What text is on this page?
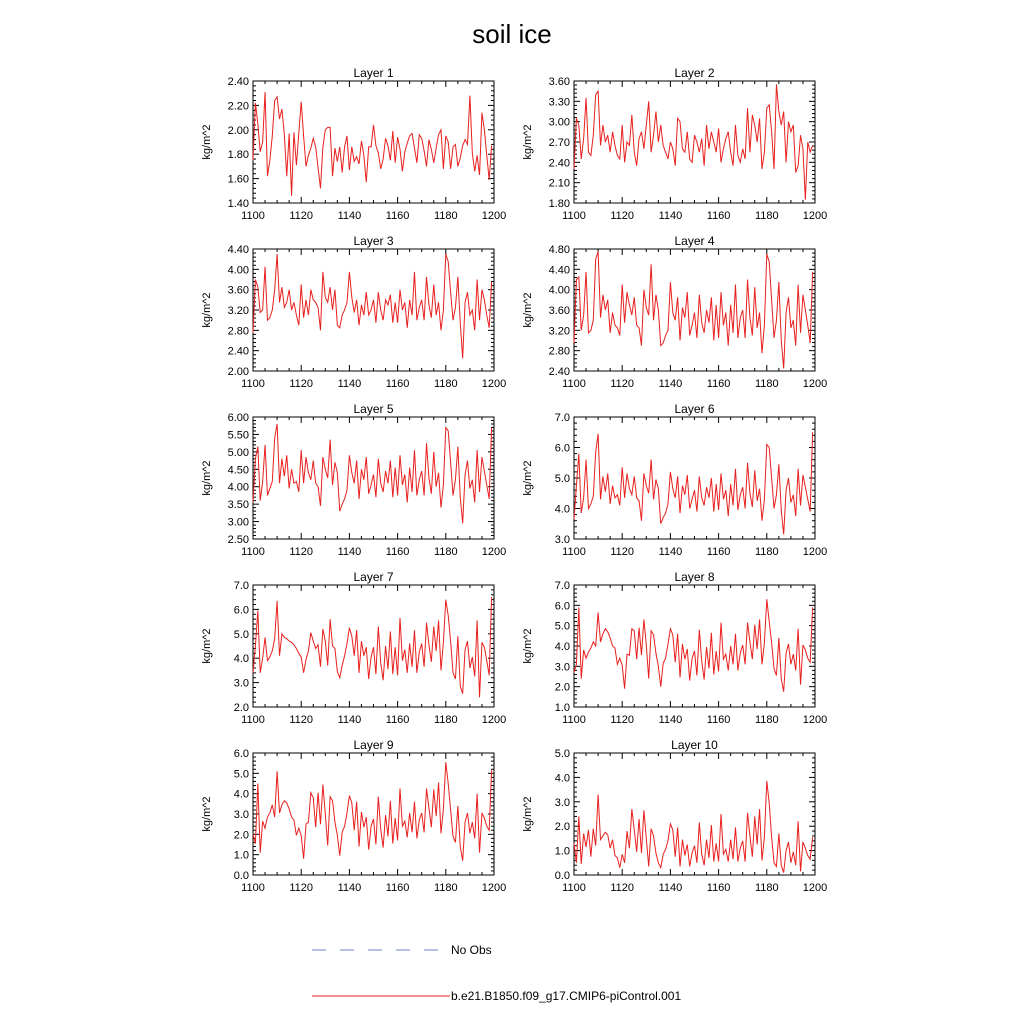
soil ice
Layer 1
1100 1120 1140 1160 1180 1200
1.40
1.60
1.80
2.00
2.20
2.40
kg/m^2
Layer 2
1100 1120 1140 1160 1180 1200
1.80
2.10
2.40
2.70
3.00
3.30
3.60
kg/m^2
Layer 3
1100 1120 1140 1160 1180 1200
2.00
2.40
2.80
3.20
3.60
4.00
4.40
kg/m^2
Layer 4
1100 1120 1140 1160 1180 1200
2.40
2.80
3.20
3.60
4.00
4.40
4.80
kg/m^2
Layer 5
1100 1120 1140 1160 1180 1200
2.50
3.00
3.50
4.00
4.50
5.00
5.50
6.00
kg/m^2
Layer 6
1100 1120 1140 1160 1180 1200
3.0
4.0
5.0
6.0
7.0
kg/m^2
Layer 7
1100 1120 1140 1160 1180 1200
2.0
3.0
4.0
5.0
6.0
7.0
kg/m^2
Layer 8
1100 1120 1140 1160 1180 1200
1.0
2.0
3.0
4.0
5.0
6.0
7.0
kg/m^2
Layer 9
1100 1120 1140 1160 1180 1200
0.0
1.0
2.0
3.0
4.0
5.0
6.0
kg/m^2
Layer 10
1100 1120 1140 1160 1180 1200
0.0
1.0
2.0
3.0
4.0
5.0
kg/m^2
No Obs
b.e21.B1850.f09_g17.CMIP6-piControl.001
